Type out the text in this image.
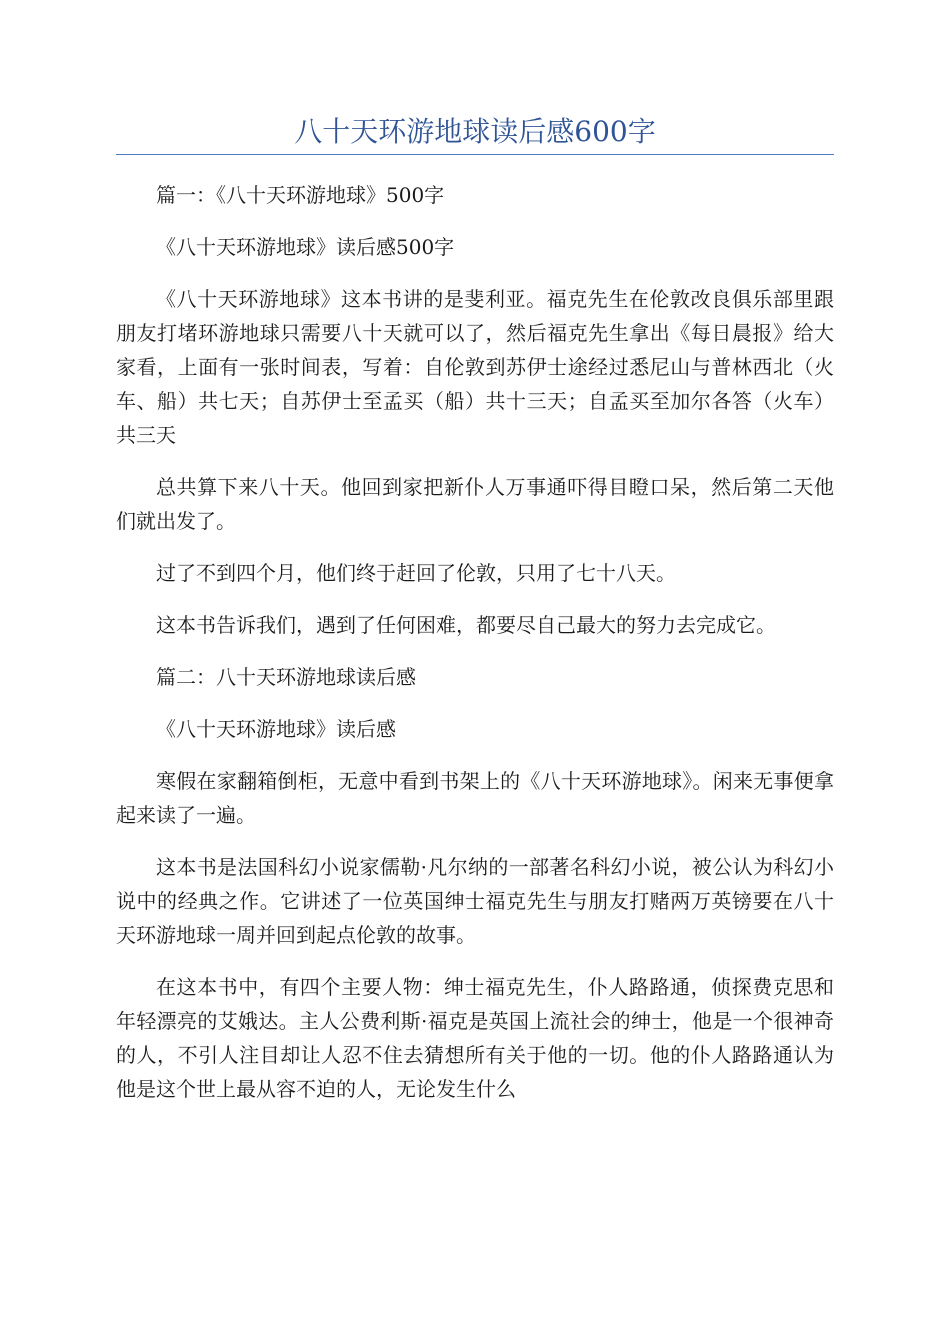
八十天环游地球读后感600字

篇一：《八十天环游地球》500字

《八十天环游地球》读后感500字

《八十天环游地球》这本书讲的是斐利亚。福克先生在伦敦改良俱乐部里跟朋友打堵环游地球只需要八十天就可以了，然后福克先生拿出《每日晨报》给大家看，上面有一张时间表，写着：自伦敦到苏伊士途经过悉尼山与普林西北（火车、船）共七天；自苏伊士至孟买（船）共十三天；自孟买至加尔各答（火车）共三天

总共算下来八十天。他回到家把新仆人万事通吓得目瞪口呆，然后第二天他们就出发了。

过了不到四个月，他们终于赶回了伦敦，只用了七十八天。

这本书告诉我们，遇到了任何困难，都要尽自己最大的努力去完成它。

篇二：八十天环游地球读后感

《八十天环游地球》读后感

寒假在家翻箱倒柜，无意中看到书架上的《八十天环游地球》。闲来无事便拿起来读了一遍。

这本书是法国科幻小说家儒勒·凡尔纳的一部著名科幻小说，被公认为科幻小说中的经典之作。它讲述了一位英国绅士福克先生与朋友打赌两万英镑要在八十天环游地球一周并回到起点伦敦的故事。

在这本书中，有四个主要人物：绅士福克先生，仆人路路通，侦探费克思和年轻漂亮的艾娥达。主人公费利斯·福克是英国上流社会的绅士，他是一个很神奇的人，不引人注目却让人忍不住去猜想所有关于他的一切。他的仆人路路通认为他是这个世上最从容不迫的人，无论发生什么
